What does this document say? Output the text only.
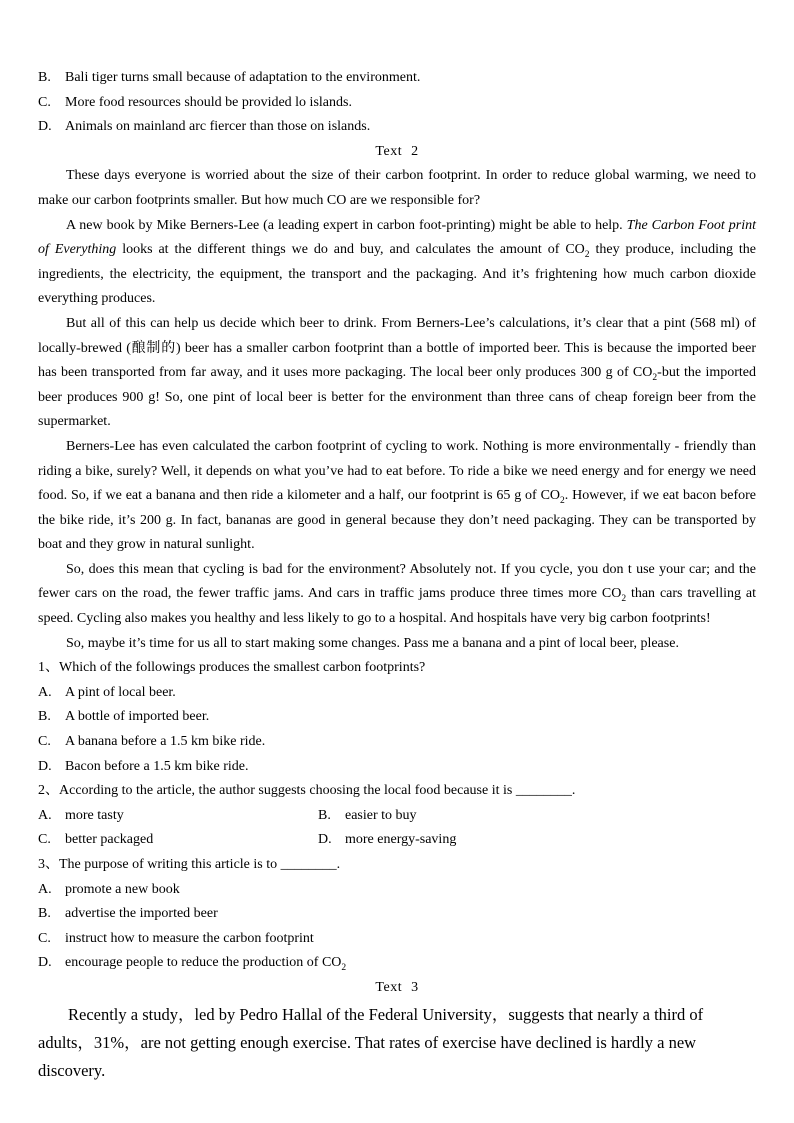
B.	Bali tiger turns small because of adaptation to the environment.
C.	More food resources should be provided lo islands.
D. Animals on mainland arc fiercer than those on islands.
Text 2

These days everyone is worried about the size of their carbon footprint. In order to reduce global warming, we need to make our carbon footprints smaller. But how much CO are we responsible for?

A new book by Mike Berners-Lee (a leading expert in carbon foot-printing) might be able to help. The Carbon Foot print of Everything looks at the different things we do and buy, and calculates the amount of $CO_2$ they produce, including the ingredients, the electricity, the equipment, the transport and the packaging. And it’s frightening how much carbon dioxide everything produces.

But all of this can help us decide which beer to drink. From Berners-Lee’s calculations, it’s clear that a pint (568 ml) of locally-brewed (酿制的) beer has a smaller carbon footprint than a bottle of imported beer. This is because the imported beer has been transported from far away, and it uses more packaging. The local beer only produces 300 g of $CO_2$-but the imported beer produces 900 g! So, one pint of local beer is better for the environment than three cans of cheap foreign beer from the supermarket.

Berners-Lee has even calculated the carbon footprint of cycling to work. Nothing is more environmentally - friendly than riding a bike, surely? Well, it depends on what you’ve had to eat before. To ride a bike we need energy and for energy we need food. So, if we eat a banana and then ride a kilometer and a half, our footprint is 65 g of $CO_2$. However, if we eat bacon before the bike ride, it’s 200 g. In fact, bananas are good in general because they don’t need packaging. They can be transported by boat and they grow in natural sunlight.

So, does this mean that cycling is bad for the environment? Absolutely not. If you cycle, you don t use your car; and the fewer cars on the road, the fewer traffic jams. And cars in traffic jams produce three times more $CO_2$ than cars travelling at speed. Cycling also makes you healthy and less likely to go to a hospital. And hospitals have very big carbon footprints!

So, maybe it’s time for us all to start making some changes. Pass me a banana and a pint of local beer, please.

1、Which of the followings produces the smallest carbon footprints?
A. A pint of local beer.
B.	A bottle of imported beer.
C.	A banana before a 1.5 km bike ride.
D. Bacon before a 1.5 km bike ride.
2、According to the article, the author suggests choosing the local food because it is ________.
A. more tasty	B.	easier to buy
C.	better packaged	D. more energy-saving
3、The purpose of writing this article is to ________.
A. promote a new book
B.	advertise the imported beer
C.	instruct how to measure the carbon footprint
D. encourage people to reduce the production of $CO_2$
Text 3

Recently a study，led by Pedro Hallal of the Federal University，suggests that nearly a third of adults，31%，are not getting enough exercise. That rates of exercise have declined is hardly a new discovery.
